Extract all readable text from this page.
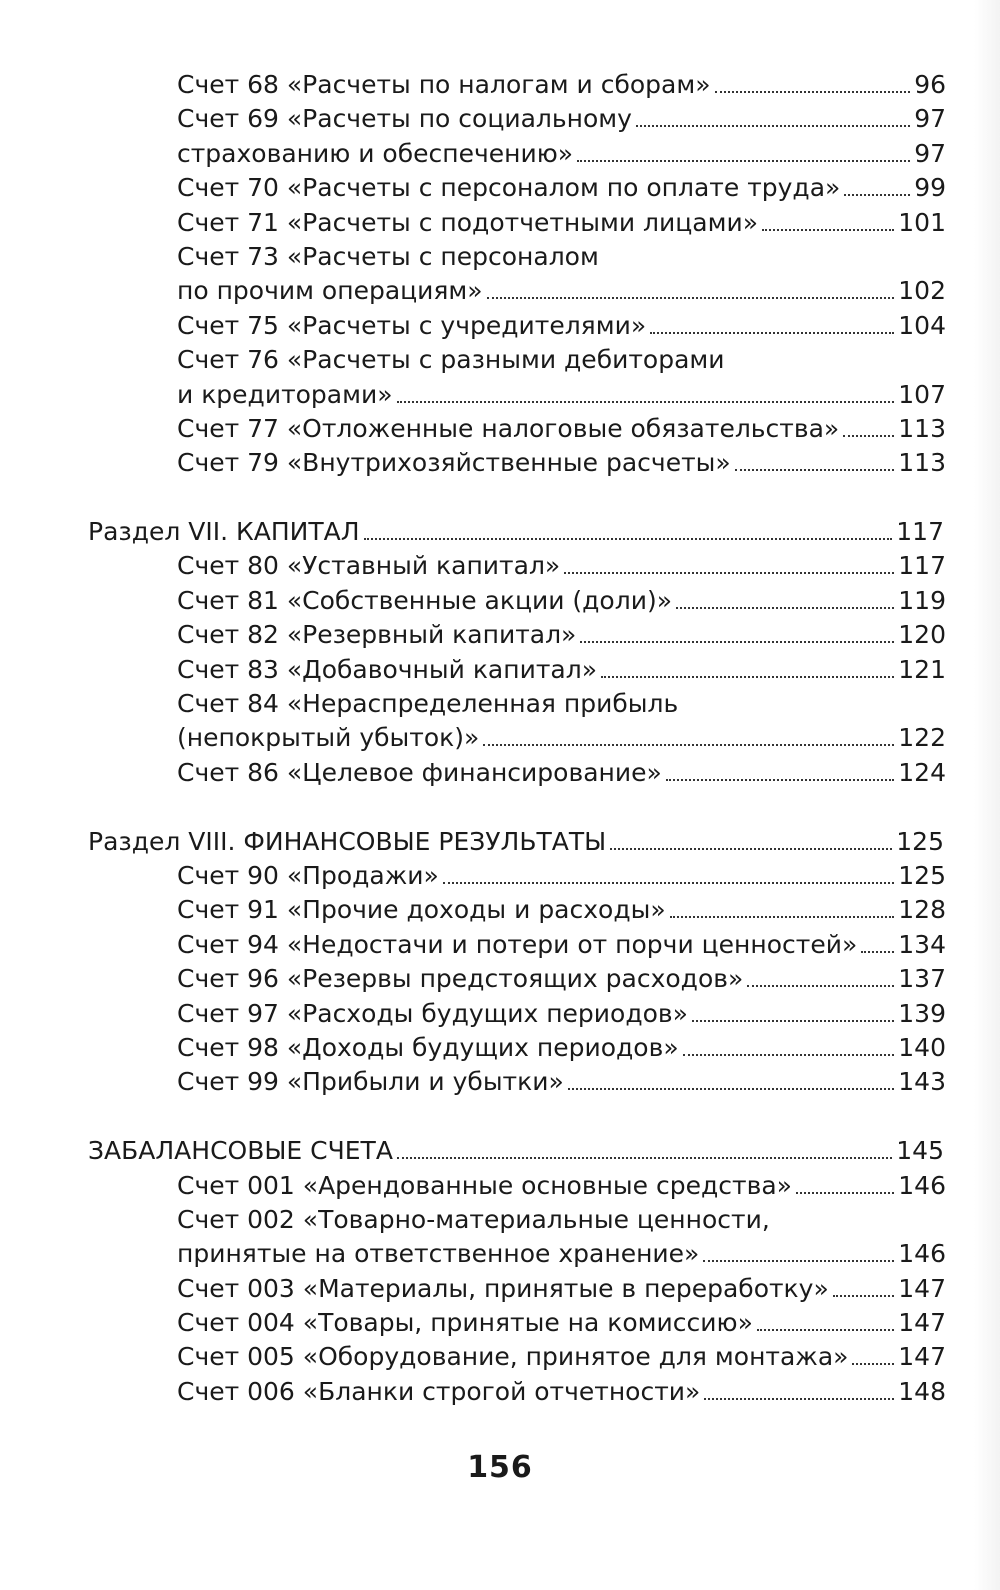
Счет 68 «Расчеты по налогам и сборам»	96
Счет 69 «Расчеты по социальному	97
страхованию и обеспечению»	97
Счет 70 «Расчеты с персоналом по оплате труда»	99
Счет 71 «Расчеты с подотчетными лицами»	101
Счет 73 «Расчеты с персоналом
по прочим операциям»	102
Счет 75 «Расчеты с учредителями»	104
Счет 76 «Расчеты с разными дебиторами
и кредиторами»	107
Счет 77 «Отложенные налоговые обязательства» 113
Счет 79 «Внутрихозяйственные расчеты»	113
Раздел VII. КАПИТАЛ	117
Счет 80 «Уставный капитал»	117
Счет 81 «Собственные акции (доли)»	119
Счет 82 «Резервный капитал»	120
Счет 83 «Добавочный капитал»	121
Счет 84 «Нераспределенная прибыль
(непокрытый убыток)»	122
Счет 86 «Целевое финансирование»	124
Раздел VIII. ФИНАНСОВЫЕ РЕЗУЛЬТАТЫ	125
Счет 90 «Продажи»	125
Счет 91 «Прочие доходы и расходы»	128
Счет 94 «Недостачи и потери от порчи ценностей» 134
Счет 96 «Резервы предстоящих расходов»	137
Счет 97 «Расходы будущих периодов»	139
Счет 98 «Доходы будущих периодов»	140
Счет 99 «Прибыли и убытки»	143
ЗАБАЛАНСОВЫЕ СЧЕТА	145
Счет 001 «Арендованные основные средства»	146
Счет 002 «Товарно-материальные ценности,
принятые на ответственное хранение»	146
Счет 003 «Материалы, принятые в переработку»	147
Счет 004 «Товары, принятые на комиссию»	147
Счет 005 «Оборудование, принятое для монтажа» 147
Счет 006 «Бланки строгой отчетности»	148
156
